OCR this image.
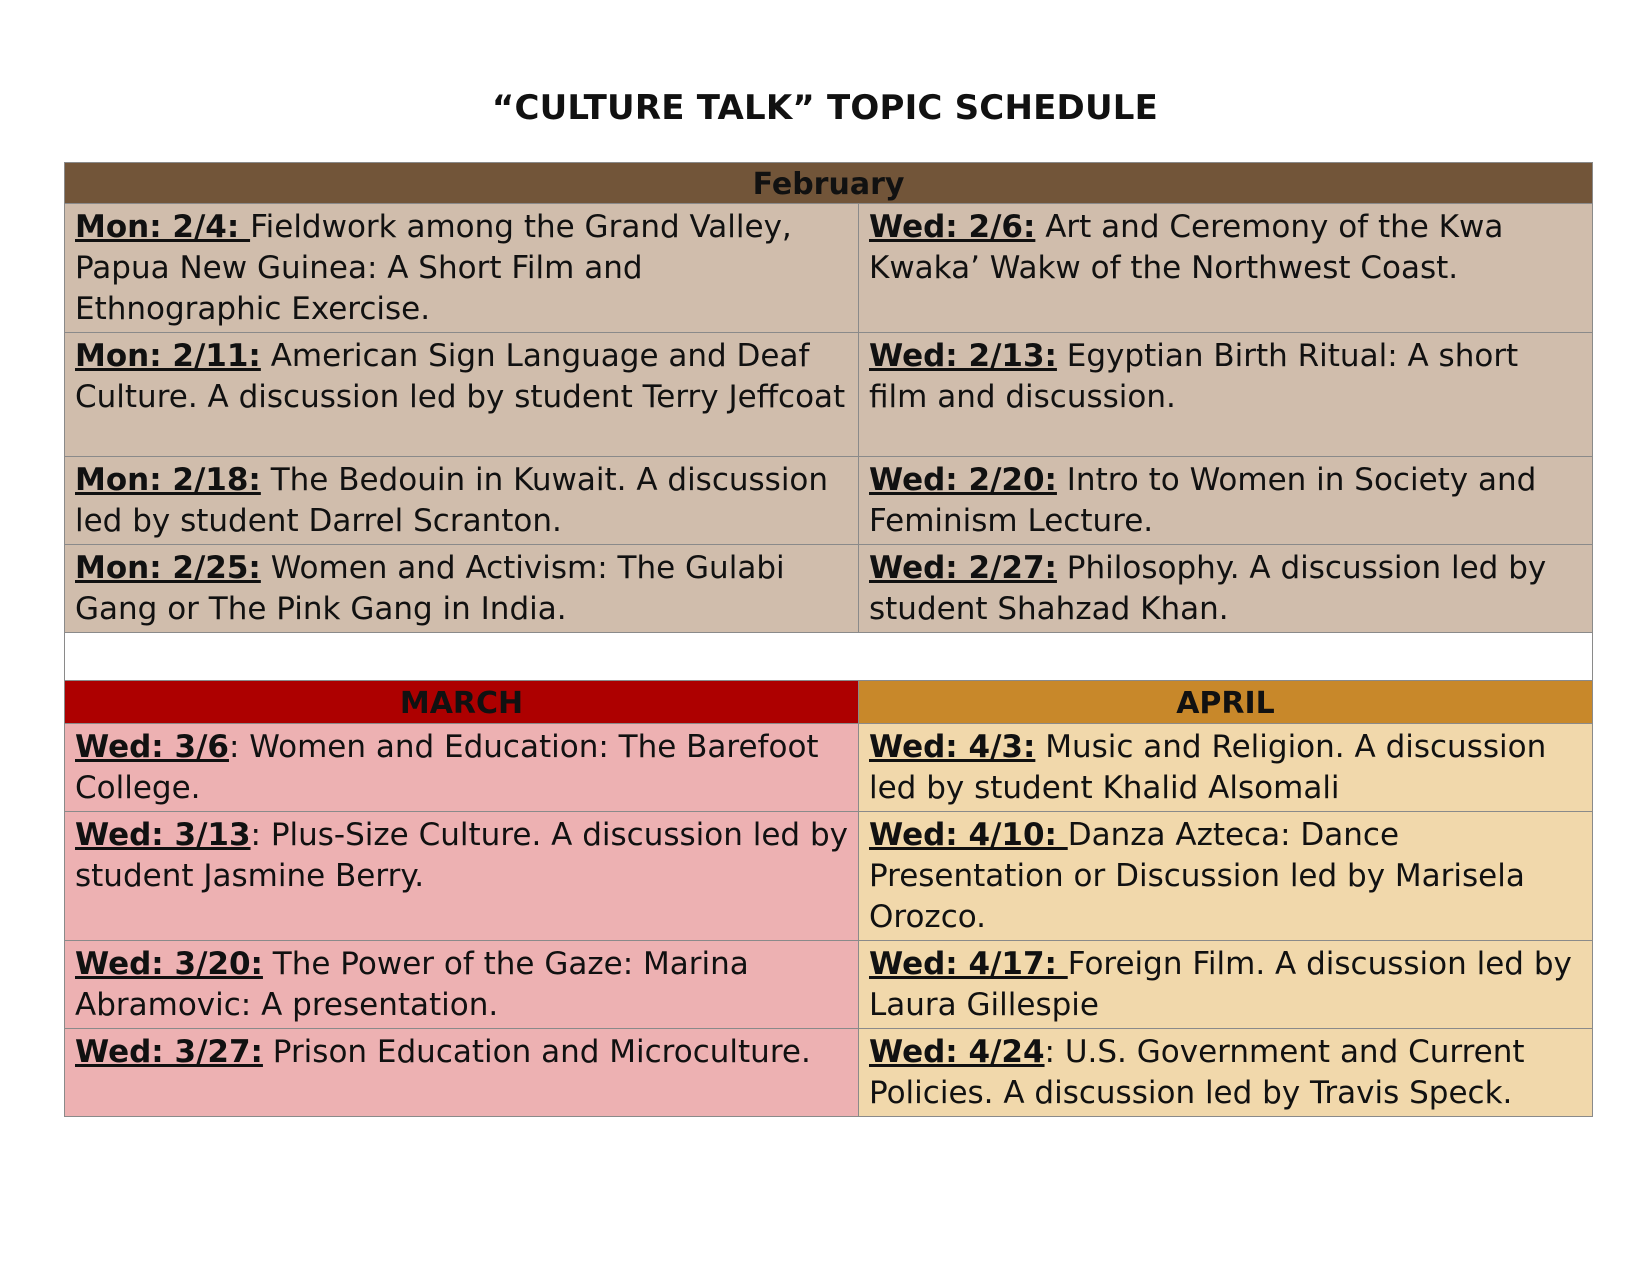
“CULTURE TALK” TOPIC SCHEDULE
February	
Mon: 2/4: Fieldwork among the Grand Valley, Papua New Guinea: A Short Film and Ethnographic Exercise.	Wed: 2/6: Art and Ceremony of the Kwa Kwaka’ Wakw of the Northwest Coast.
Mon: 2/11: American Sign Language and Deaf Culture. A discussion led by student Terry Jeffcoat	Wed: 2/13: Egyptian Birth Ritual: A short film and discussion.
Mon: 2/18: The Bedouin in Kuwait. A discussion led by student Darrel Scranton.	Wed: 2/20: Intro to Women in Society and Feminism Lecture.
Mon: 2/25: Women and Activism: The Gulabi Gang or The Pink Gang in India.	Wed: 2/27: Philosophy. A discussion led by student Shahzad Khan.

MARCH	APRIL
Wed: 3/6: Women and Education: The Barefoot College.	Wed: 4/3: Music and Religion. A discussion led by student Khalid Alsomali
Wed: 3/13: Plus-Size Culture. A discussion led by student Jasmine Berry.	Wed: 4/10: Danza Azteca: Dance Presentation or Discussion led by Marisela Orozco.
Wed: 3/20: The Power of the Gaze: Marina Abramovic: A presentation.	Wed: 4/17: Foreign Film. A discussion led by Laura Gillespie
Wed: 3/27: Prison Education and Microculture.	Wed: 4/24: U.S. Government and Current Policies. A discussion led by Travis Speck.
